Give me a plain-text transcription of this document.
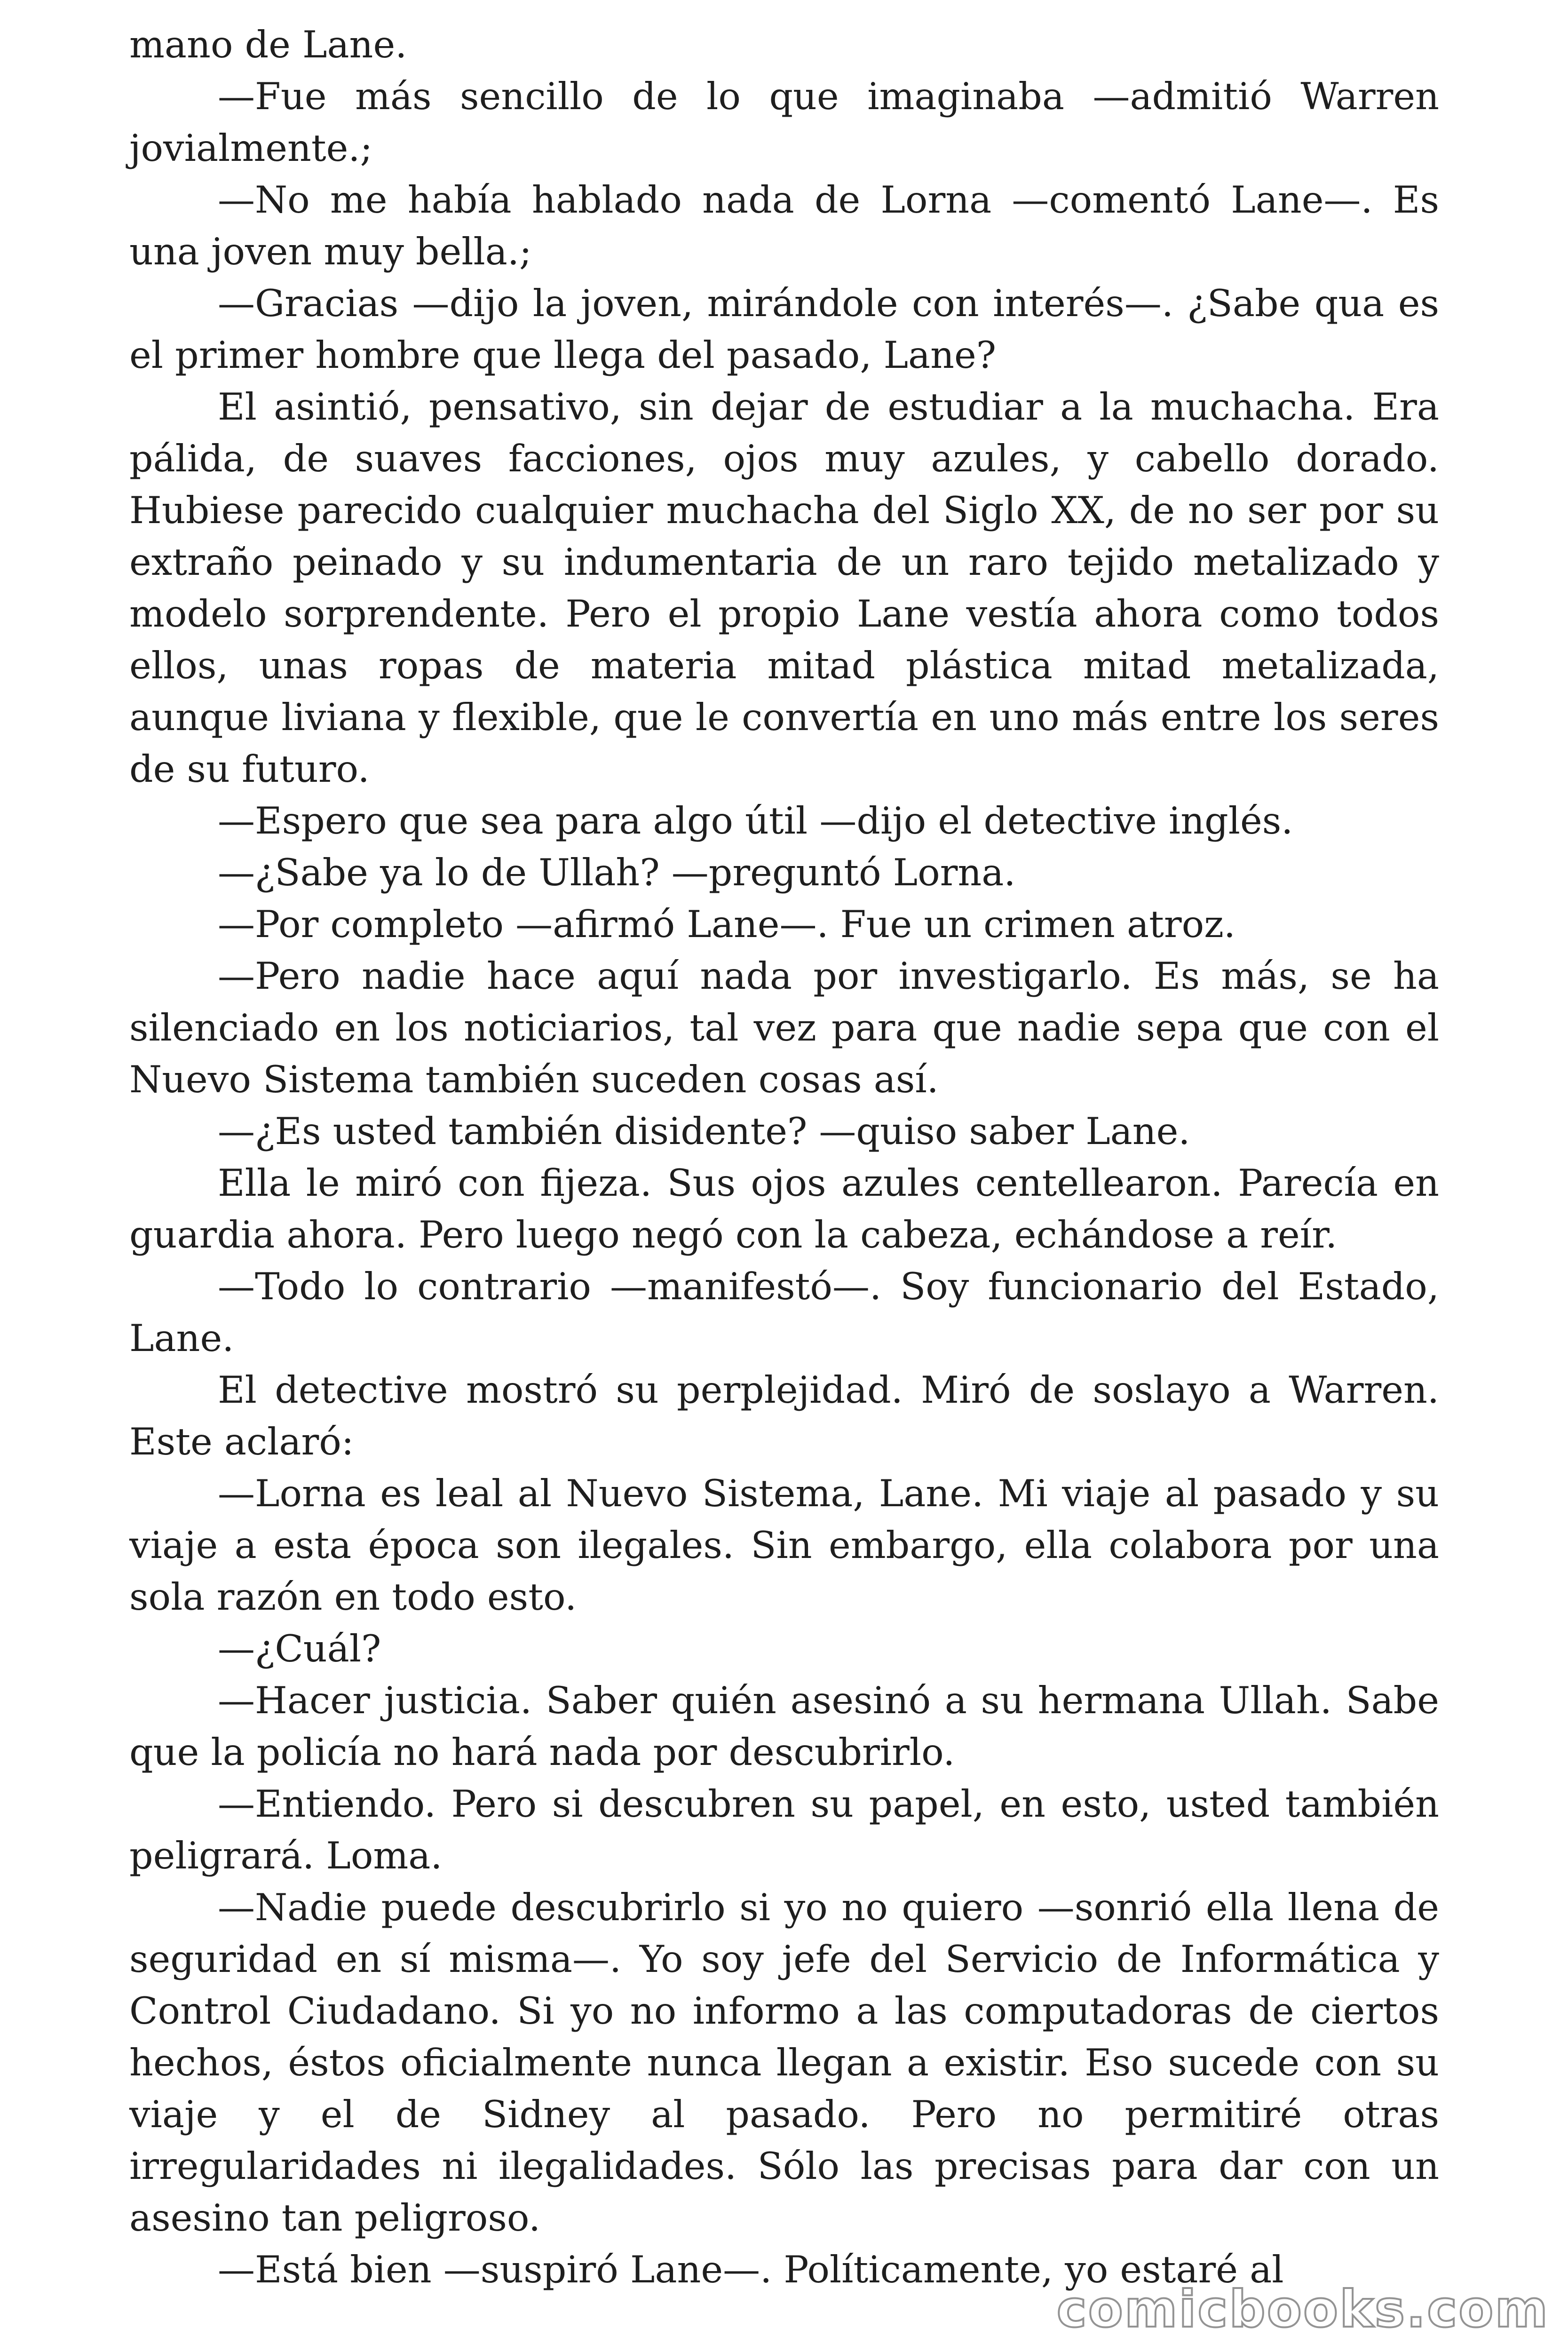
mano de Lane.

—Fue más sencillo de lo que imaginaba —admitió Warren jovialmente.;

—No me había hablado nada de Lorna —comentó Lane—. Es una joven muy bella.;

—Gracias —dijo la joven, mirándole con interés—. ¿Sabe qua es el primer hombre que llega del pasado, Lane?

El asintió, pensativo, sin dejar de estudiar a la muchacha. Era pálida, de suaves facciones, ojos muy azules, y cabello dorado. Hubiese parecido cualquier muchacha del Siglo XX, de no ser por su extraño peinado y su indumentaria de un raro tejido metalizado y modelo sorprendente. Pero el propio Lane vestía ahora como todos ellos, unas ropas de materia mitad plástica mitad metalizada, aunque liviana y flexible, que le convertía en uno más entre los seres de su futuro.

—Espero que sea para algo útil —dijo el detective inglés.

—¿Sabe ya lo de Ullah? —preguntó Lorna.

—Por completo —afirmó Lane—. Fue un crimen atroz.

—Pero nadie hace aquí nada por investigarlo. Es más, se ha silenciado en los noticiarios, tal vez para que nadie sepa que con el Nuevo Sistema también suceden cosas así.

—¿Es usted también disidente? —quiso saber Lane.

Ella le miró con fijeza. Sus ojos azules centellearon. Parecía en guardia ahora. Pero luego negó con la cabeza, echándose a reír.

—Todo lo contrario —manifestó—. Soy funcionario del Estado, Lane.

El detective mostró su perplejidad. Miró de soslayo a Warren. Este aclaró:

—Lorna es leal al Nuevo Sistema, Lane. Mi viaje al pasado y su viaje a esta época son ilegales. Sin embargo, ella colabora por una sola razón en todo esto.

—¿Cuál?

—Hacer justicia. Saber quién asesinó a su hermana Ullah. Sabe que la policía no hará nada por descubrirlo.

—Entiendo. Pero si descubren su papel, en esto, usted también peligrará. Loma.

—Nadie puede descubrirlo si yo no quiero —sonrió ella llena de seguridad en sí misma—. Yo soy jefe del Servicio de Informática y Control Ciudadano. Si yo no informo a las computadoras de ciertos hechos, éstos oficialmente nunca llegan a existir. Eso sucede con su viaje y el de Sidney al pasado. Pero no permitiré otras irregularidades ni ilegalidades. Sólo las precisas para dar con un asesino tan peligroso.

—Está bien —suspiró Lane—. Políticamente, yo estaré al

comicbooks.com
